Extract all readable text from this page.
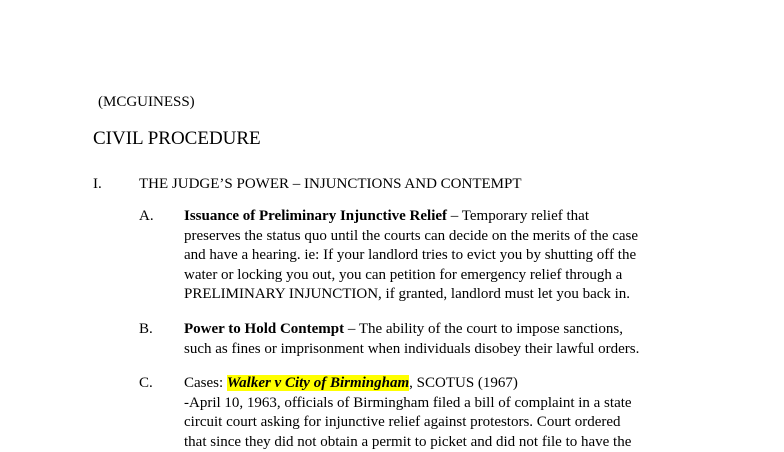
(MCGUINESS)
CIVIL PROCEDURE
I. THE JUDGE’S POWER – INJUNCTIONS AND CONTEMPT
A. Issuance of Preliminary Injunctive Relief – Temporary relief that
preserves the status quo until the courts can decide on the merits of the case
and have a hearing. ie: If your landlord tries to evict you by shutting off the
water or locking you out, you can petition for emergency relief through a
PRELIMINARY INJUNCTION, if granted, landlord must let you back in.
B. Power to Hold Contempt – The ability of the court to impose sanctions,
such as fines or imprisonment when individuals disobey their lawful orders.
C. Cases: Walker v City of Birmingham, SCOTUS (1967)
-April 10, 1963, officials of Birmingham filed a bill of complaint in a state
circuit court asking for injunctive relief against protestors. Court ordered
that since they did not obtain a permit to picket and did not file to have the
